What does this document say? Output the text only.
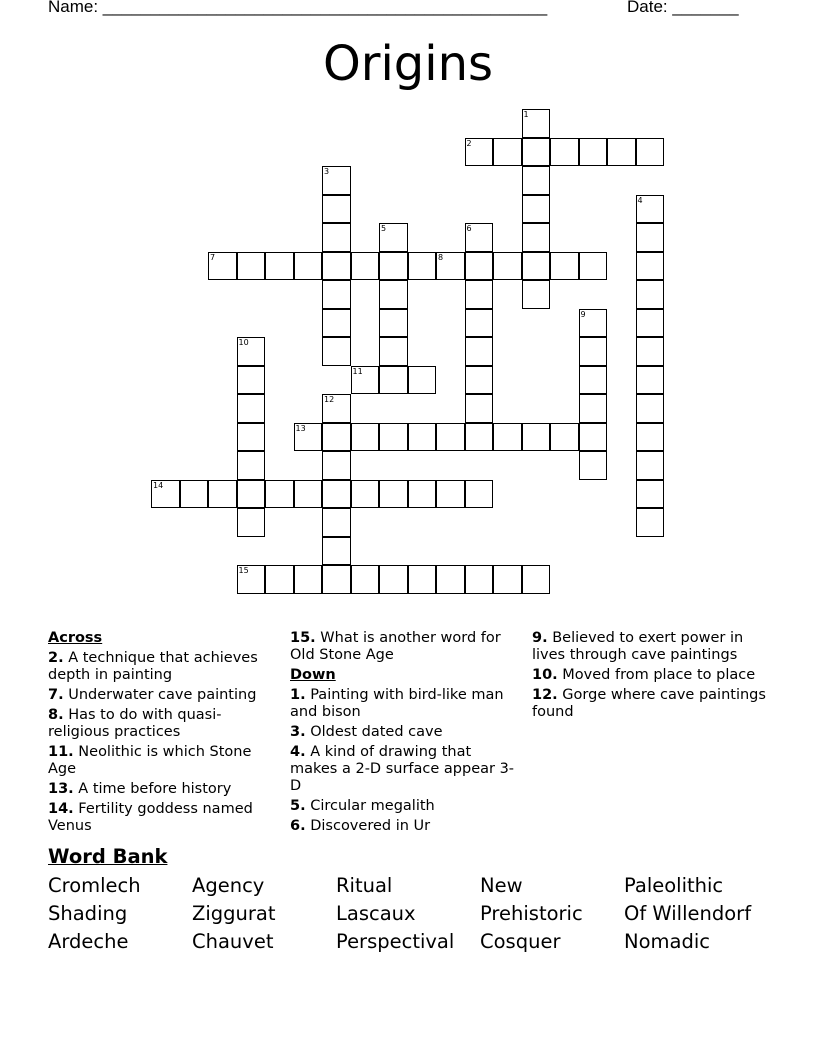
Name: _______________________________________________	Date: _______
Origins
2
7	8
11
13
14
15
1
3
4
5	6
9
10
12
Across
2. A technique that achieves depth in painting
7. Underwater cave painting
8. Has to do with quasi-religious practices
11. Neolithic is which Stone Age
13. A time before history
14. Fertility goddess named Venus
15. What is another word for Old Stone Age
Down
1. Painting with bird-like man and bison
3. Oldest dated cave
4. A kind of drawing that makes a 2-D surface appear 3-D
5. Circular megalith
6. Discovered in Ur
9. Believed to exert power in lives through cave paintings
10. Moved from place to place
12. Gorge where cave paintings found
Word Bank
Cromlech	Agency	Ritual	New	Paleolithic
Shading	Ziggurat	Lascaux	Prehistoric	Of Willendorf
Ardeche	Chauvet	Perspectival	Cosquer	Nomadic
